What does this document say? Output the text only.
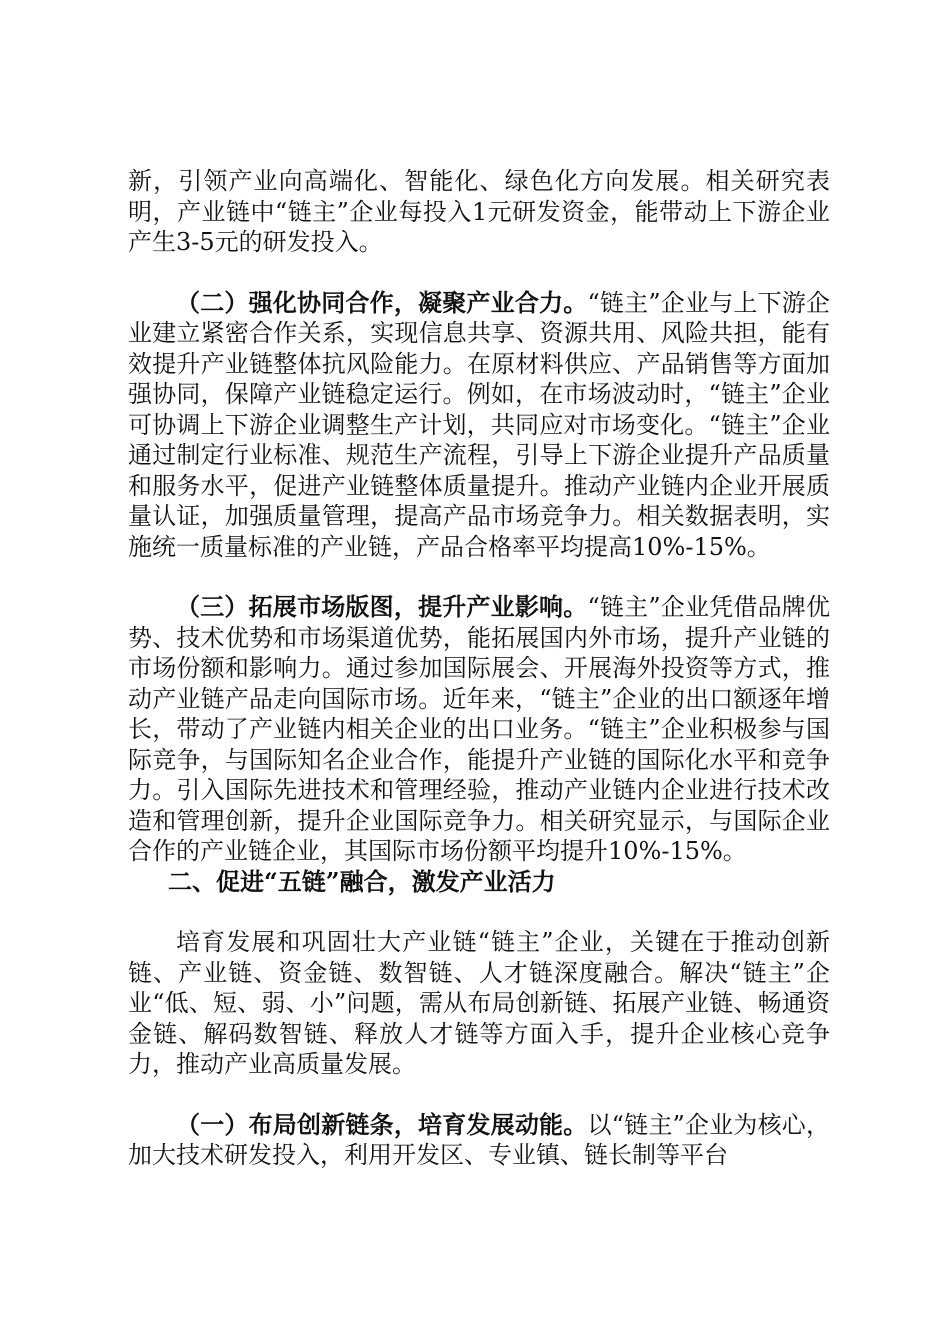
新，引领产业向高端化、智能化、绿色化方向发展。相关研究表明，产业链中“链主”企业每投入1元研发资金，能带动上下游企业产生3-5元的研发投入。

（二）强化协同合作，凝聚产业合力。“链主”企业与上下游企业建立紧密合作关系，实现信息共享、资源共用、风险共担，能有效提升产业链整体抗风险能力。在原材料供应、产品销售等方面加强协同，保障产业链稳定运行。例如，在市场波动时，“链主”企业可协调上下游企业调整生产计划，共同应对市场变化。“链主”企业通过制定行业标准、规范生产流程，引导上下游企业提升产品质量和服务水平，促进产业链整体质量提升。推动产业链内企业开展质量认证，加强质量管理，提高产品市场竞争力。相关数据表明，实施统一质量标准的产业链，产品合格率平均提高10%-15%。

（三）拓展市场版图，提升产业影响。“链主”企业凭借品牌优势、技术优势和市场渠道优势，能拓展国内外市场，提升产业链的市场份额和影响力。通过参加国际展会、开展海外投资等方式，推动产业链产品走向国际市场。近年来，“链主”企业的出口额逐年增长，带动了产业链内相关企业的出口业务。“链主”企业积极参与国际竞争，与国际知名企业合作，能提升产业链的国际化水平和竞争力。引入国际先进技术和管理经验，推动产业链内企业进行技术改造和管理创新，提升企业国际竞争力。相关研究显示，与国际企业合作的产业链企业，其国际市场份额平均提升10%-15%。

二、促进“五链”融合，激发产业活力

培育发展和巩固壮大产业链“链主”企业，关键在于推动创新链、产业链、资金链、数智链、人才链深度融合。解决“链主”企业“低、短、弱、小”问题，需从布局创新链、拓展产业链、畅通资金链、解码数智链、释放人才链等方面入手，提升企业核心竞争力，推动产业高质量发展。

（一）布局创新链条，培育发展动能。以“链主”企业为核心，加大技术研发投入，利用开发区、专业镇、链长制等平台
